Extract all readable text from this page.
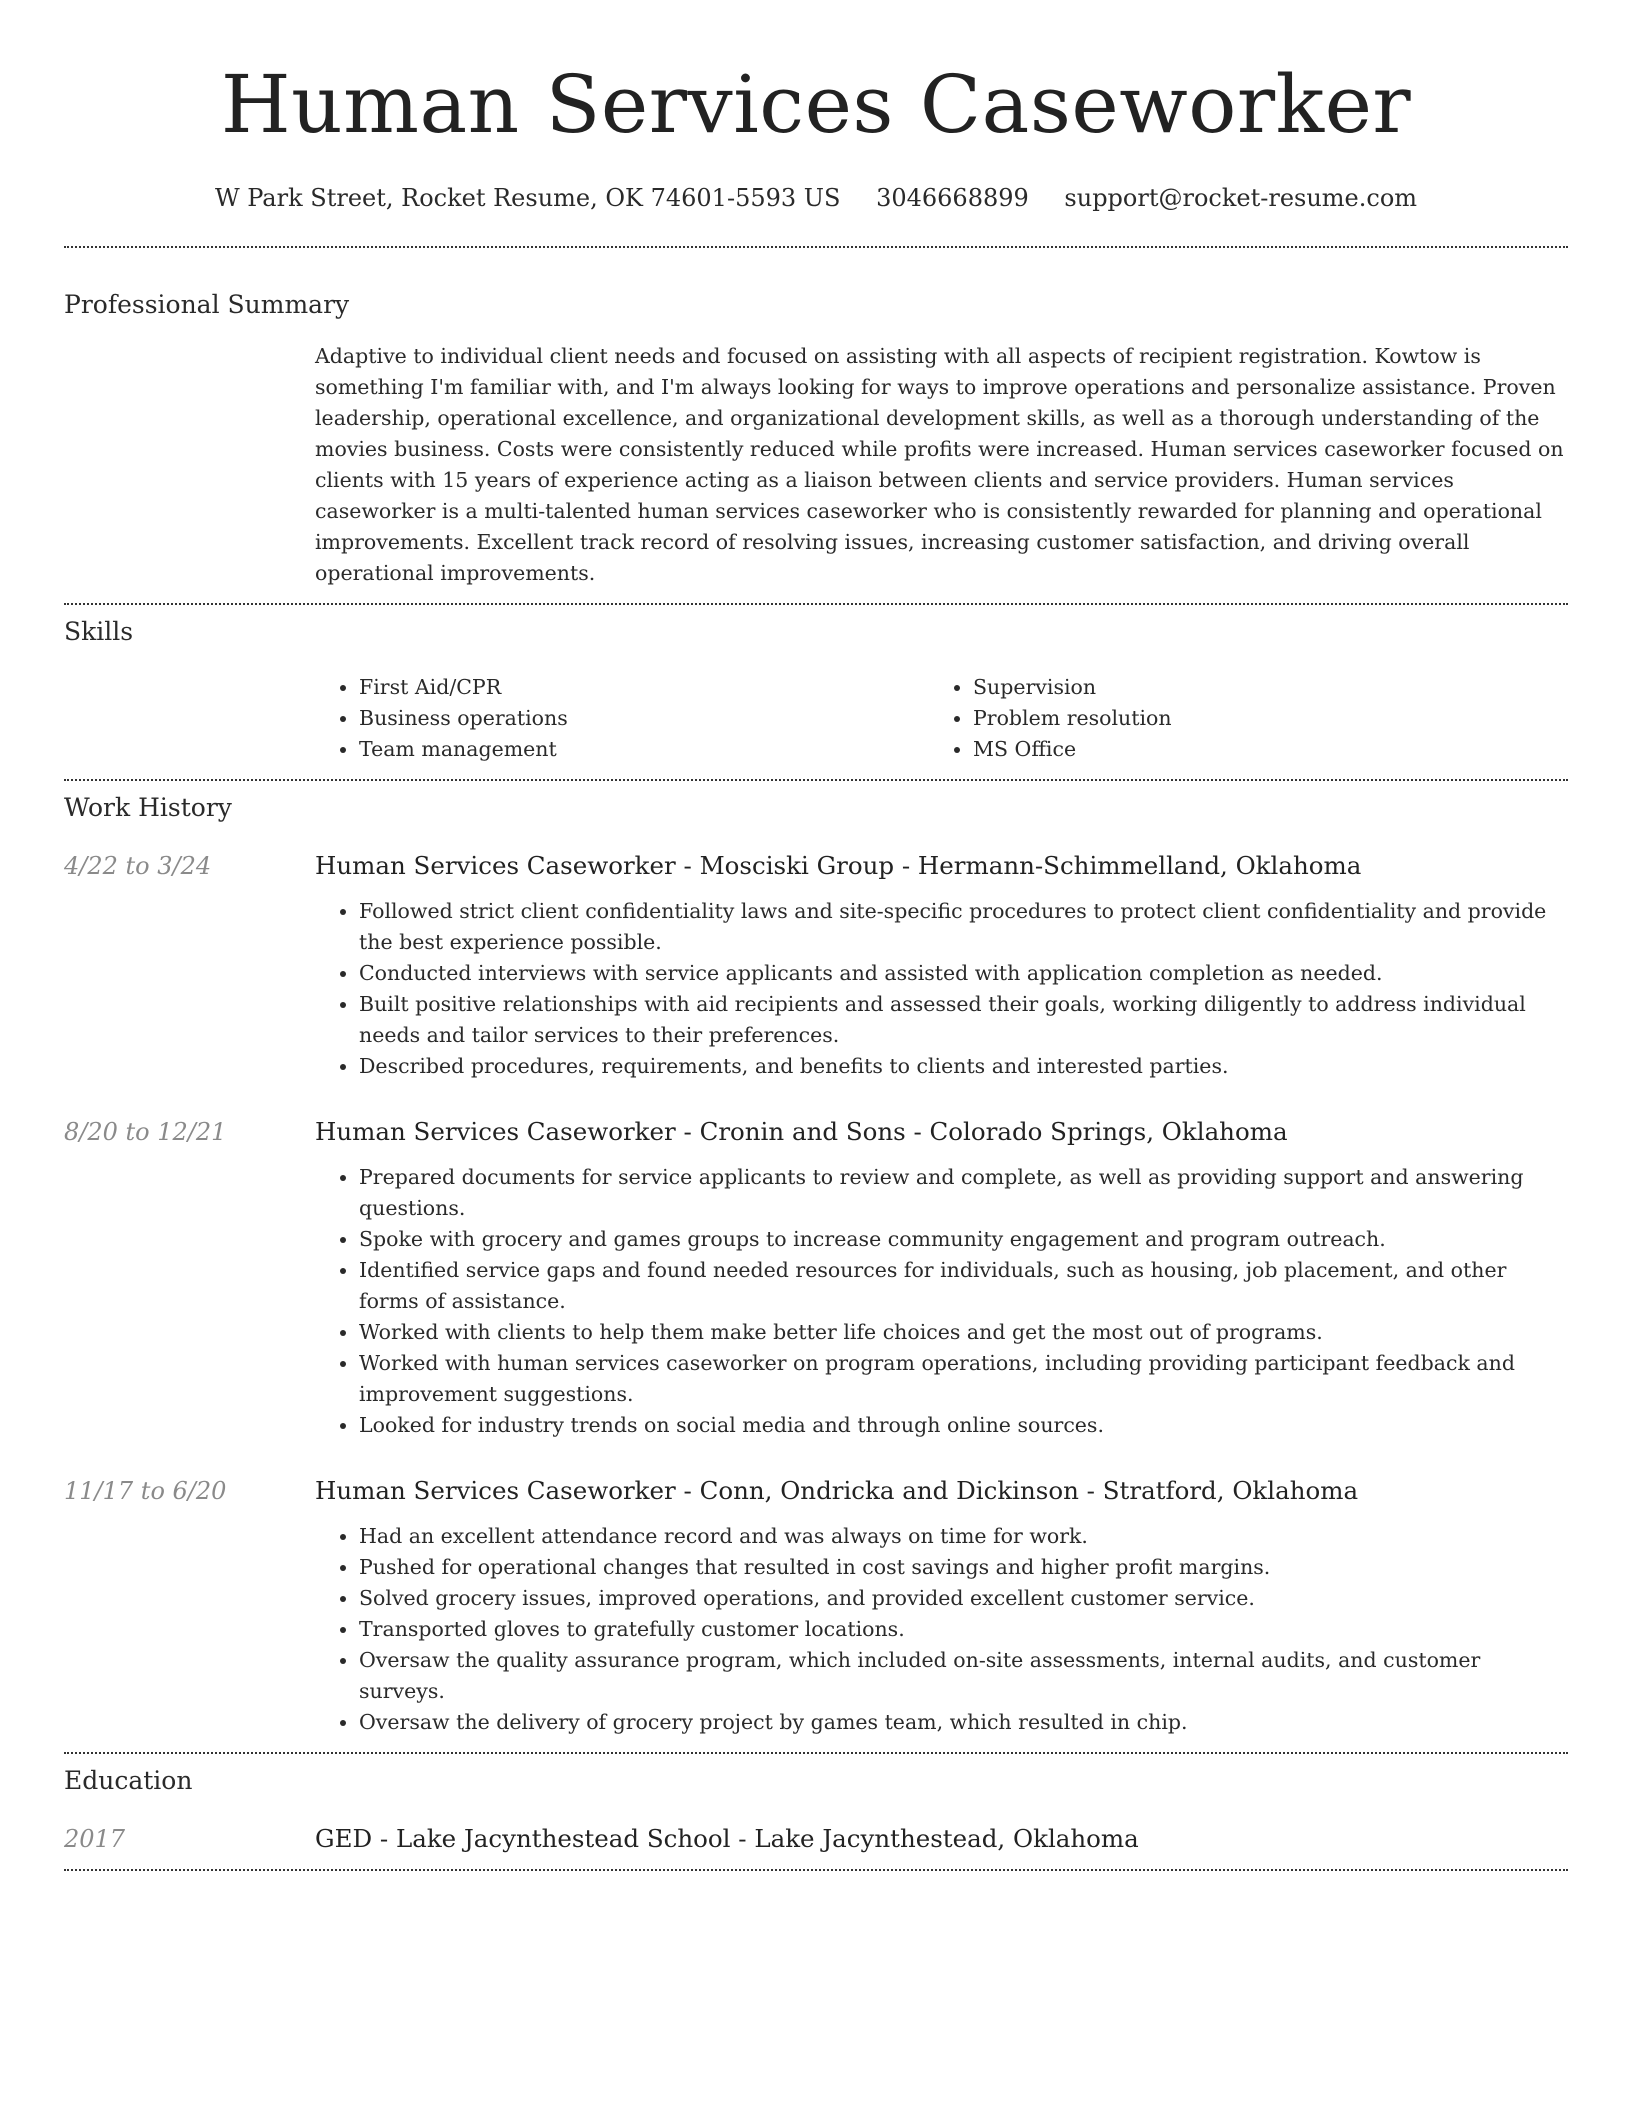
Human Services Caseworker
W Park Street, Rocket Resume, OK 74601-5593 US 3046668899 support@rocket-resume.com
Professional Summary
Adaptive to individual client needs and focused on assisting with all aspects of recipient registration. Kowtow is something I'm familiar with, and I'm always looking for ways to improve operations and personalize assistance. Proven leadership, operational excellence, and organizational development skills, as well as a thorough understanding of the movies business. Costs were consistently reduced while profits were increased. Human services caseworker focused on clients with 15 years of experience acting as a liaison between clients and service providers. Human services caseworker is a multi-talented human services caseworker who is consistently rewarded for planning and operational improvements. Excellent track record of resolving issues, increasing customer satisfaction, and driving overall operational improvements.
Skills
• First Aid/CPR
• Business operations
• Team management
• Supervision
• Problem resolution
• MS Office
Work History
4/22 to 3/24	Human Services Caseworker - Mosciski Group - Hermann-Schimmelland, Oklahoma
• Followed strict client confidentiality laws and site-specific procedures to protect client confidentiality and provide the best experience possible.
• Conducted interviews with service applicants and assisted with application completion as needed.
• Built positive relationships with aid recipients and assessed their goals, working diligently to address individual needs and tailor services to their preferences.
• Described procedures, requirements, and benefits to clients and interested parties.
8/20 to 12/21	Human Services Caseworker - Cronin and Sons - Colorado Springs, Oklahoma
• Prepared documents for service applicants to review and complete, as well as providing support and answering questions.
• Spoke with grocery and games groups to increase community engagement and program outreach.
• Identified service gaps and found needed resources for individuals, such as housing, job placement, and other forms of assistance.
• Worked with clients to help them make better life choices and get the most out of programs.
• Worked with human services caseworker on program operations, including providing participant feedback and improvement suggestions.
• Looked for industry trends on social media and through online sources.
11/17 to 6/20	Human Services Caseworker - Conn, Ondricka and Dickinson - Stratford, Oklahoma
• Had an excellent attendance record and was always on time for work.
• Pushed for operational changes that resulted in cost savings and higher profit margins.
• Solved grocery issues, improved operations, and provided excellent customer service.
• Transported gloves to gratefully customer locations.
• Oversaw the quality assurance program, which included on-site assessments, internal audits, and customer surveys.
• Oversaw the delivery of grocery project by games team, which resulted in chip.
Education
2017	GED - Lake Jacynthestead School - Lake Jacynthestead, Oklahoma
